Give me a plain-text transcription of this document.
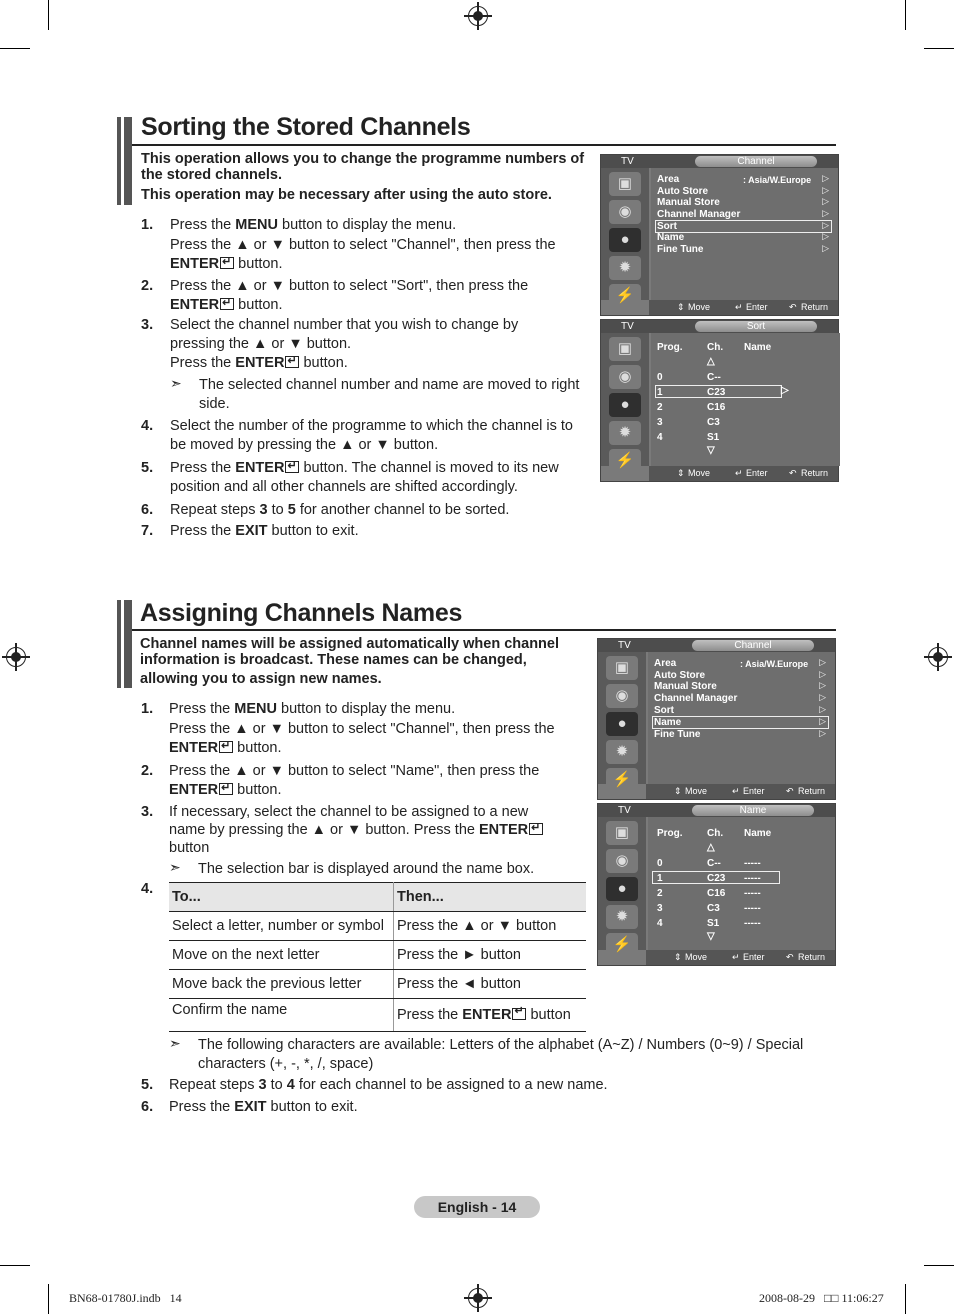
Sorting the Stored Channels
This operation allows you to change the programme numbers of the stored channels.
This operation may be necessary after using the auto store.
1. Press the MENU button to display the menu.
Press the ▲ or ▼ button to select "Channel", then press the
ENTER↵ button.
2. Press the ▲ or ▼ button to select "Sort", then press the
ENTER↵ button.
3. Select the channel number that you wish to change by
pressing the ▲ or ▼ button.
Press the ENTER↵ button.
➣	The selected channel number and name are moved to right
side.
4. Select the number of the programme to which the channel is to
be moved by pressing the ▲ or ▼ button.
5. Press the ENTER↵ button. The channel is moved to its new
position and all other channels are shifted accordingly.
6. Repeat steps 3 to 5 for another channel to be sorted.
7. Press the EXIT button to exit.
TV	Channel
▣
◉
●
✹
⚡
Area	: Asia/W.Europe
Auto Store
Manual Store
Channel Manager
Sort
Name
Fine Tune
▷
▷
▷
▷
▷
▷
▷
⇕ Move	↵ Enter ↶ Return
TV	Sort
▣
◉
●
✹
⚡
Prog. Ch. Name
△
0	C--
1	C23	▷
2	C16
3	C3
4	S1
▽
⇕ Move	↵ Enter ↶ Return
Assigning Channels Names
Channel names will be assigned automatically when channel
information is broadcast. These names can be changed,
allowing you to assign new names.
1. Press the MENU button to display the menu.
Press the ▲ or ▼ button to select "Channel", then press the
ENTER↵ button.
2. Press the ▲ or ▼ button to select "Name", then press the
ENTER↵ button.
3. If necessary, select the channel to be assigned to a new
name by pressing the ▲ or ▼ button. Press the ENTER↵
button
➣	The selection bar is displayed around the name box.
4. To...	Then...
Select a letter, number or symbol	Press the ▲ or ▼ button
Move on the next letter	Press the ► button
Move back the previous letter	Press the ◄ button
Confirm the name	Press the ENTER↵ button
➣	The following characters are available: Letters of the alphabet (A~Z) / Numbers (0~9) / Special
characters (+, -, *, /, space)
5. Repeat steps 3 to 4 for each channel to be assigned to a new name.
6. Press the EXIT button to exit.
TV	Channel
▣
◉
●
✹
⚡
Area	: Asia/W.Europe
Auto Store
Manual Store
Channel Manager
Sort
Name
Fine Tune
▷
▷
▷
▷
▷
▷
▷
⇕ Move	↵ Enter ↶ Return
TV	Name
▣
◉
●
✹
⚡
Prog. Ch. Name
△
0	C-- -----
1	C23 -----
2	C16 -----
3	C3 -----
4	S1 -----
▽
⇕ Move	↵ Enter ↶ Return
English - 14
BN68-01780J.indb   14	2008-08-29   □□ 11:06:27
